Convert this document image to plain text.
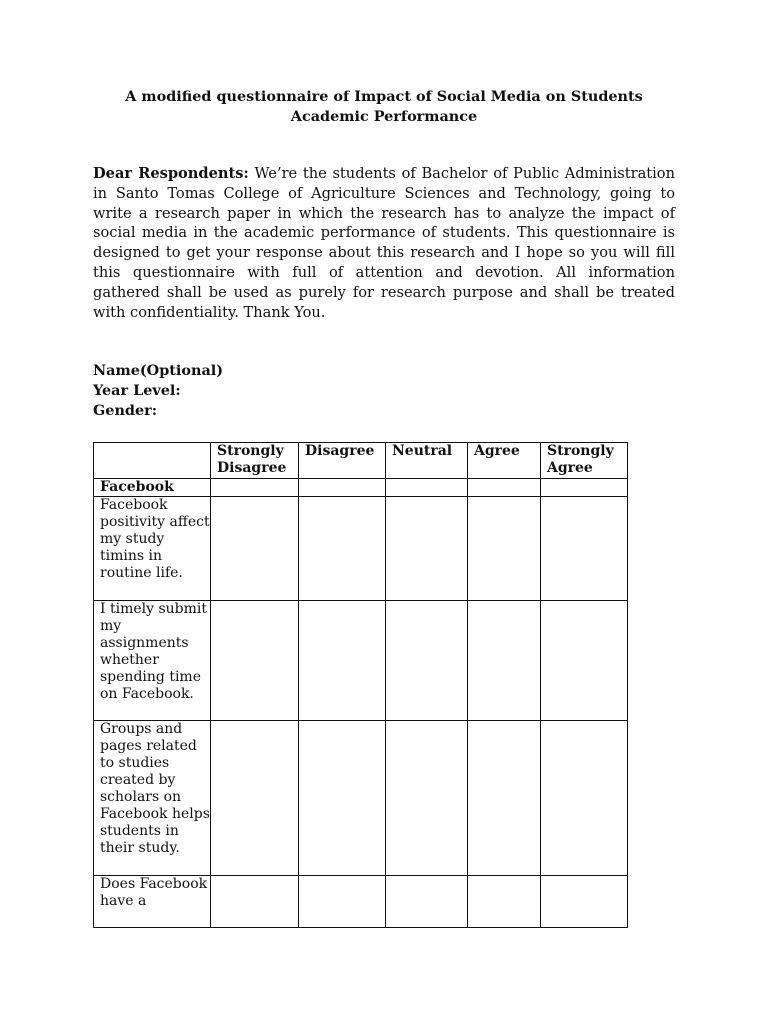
A modified questionnaire of Impact of Social Media on Students
Academic Performance
Dear Respondents: We’re the students of Bachelor of Public Administration in Santo Tomas College of Agriculture Sciences and Technology, going to write a research paper in which the research has to analyze the impact of social media in the academic performance of students. This questionnaire is designed to get your response about this research and I hope so you will fill this questionnaire with full of attention and devotion. All information gathered shall be used as purely for research purpose and shall be treated with confidentiality. Thank You.
Name(Optional)
Year Level:
Gender:
	Strongly Disagree	Disagree	Neutral	Agree	Strongly Agree
Facebook					
Facebook positivity affect my study timins in routine life.					
I timely submit my assignments whether spending time on Facebook.					
Groups and pages related to studies created by scholars on Facebook helps students in their study.					
Does Facebook have a					
